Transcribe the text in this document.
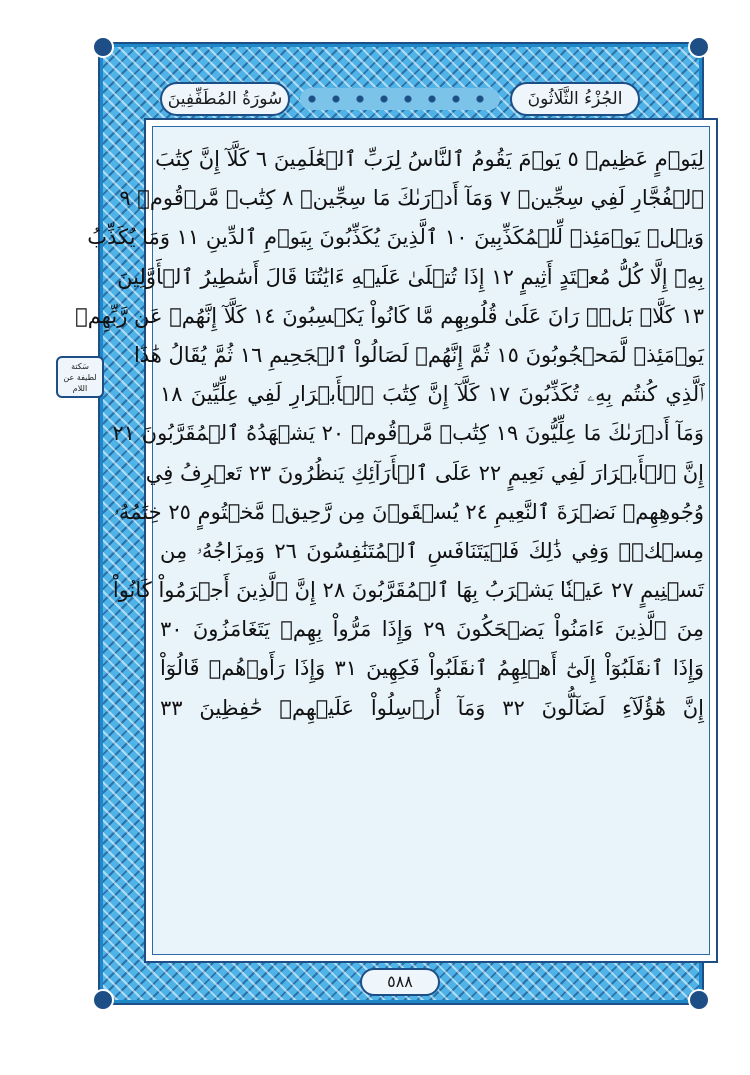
سُورَةُ المُطَفِّفِينَ	الجُزْءُ الثَّلَاثُونَ
لِيَوۡمٍ عَظِيمٖ ٥ يَوۡمَ يَقُومُ ٱلنَّاسُ لِرَبِّ ٱلۡعَٰلَمِينَ ٦ كَلَّآ إِنَّ كِتَٰبَ
ٱلۡفُجَّارِ لَفِي سِجِّينٖ ٧ وَمَآ أَدۡرَىٰكَ مَا سِجِّينٞ ٨ كِتَٰبٞ مَّرۡقُومٞ ٩
وَيۡلٞ يَوۡمَئِذٖ لِّلۡمُكَذِّبِينَ ١٠ ٱلَّذِينَ يُكَذِّبُونَ بِيَوۡمِ ٱلدِّينِ ١١ وَمَا يُكَذِّبُ
بِهِۦٓ إِلَّا كُلُّ مُعۡتَدٍ أَثِيمٍ ١٢ إِذَا تُتۡلَىٰ عَلَيۡهِ ءَايَٰتُنَا قَالَ أَسَٰطِيرُ ٱلۡأَوَّلِينَ
١٣ كَلَّاۖ بَلۡۜ رَانَ عَلَىٰ قُلُوبِهِم مَّا كَانُواْ يَكۡسِبُونَ ١٤ كَلَّآ إِنَّهُمۡ عَن رَّبِّهِمۡ
يَوۡمَئِذٖ لَّمَحۡجُوبُونَ ١٥ ثُمَّ إِنَّهُمۡ لَصَالُواْ ٱلۡجَحِيمِ ١٦ ثُمَّ يُقَالُ هَٰذَا
ٱلَّذِي كُنتُم بِهِۦ تُكَذِّبُونَ ١٧ كَلَّآ إِنَّ كِتَٰبَ ٱلۡأَبۡرَارِ لَفِي عِلِّيِّينَ ١٨
وَمَآ أَدۡرَىٰكَ مَا عِلِّيُّونَ ١٩ كِتَٰبٞ مَّرۡقُومٞ ٢٠ يَشۡهَدُهُ ٱلۡمُقَرَّبُونَ ٢١
إِنَّ ٱلۡأَبۡرَارَ لَفِي نَعِيمٍ ٢٢ عَلَى ٱلۡأَرَآئِكِ يَنظُرُونَ ٢٣ تَعۡرِفُ فِي
وُجُوهِهِمۡ نَضۡرَةَ ٱلنَّعِيمِ ٢٤ يُسۡقَوۡنَ مِن رَّحِيقٖ مَّخۡتُومٍ ٢٥ خِتَٰمُهُۥ
مِسۡكٞۚ وَفِي ذَٰلِكَ فَلۡيَتَنَافَسِ ٱلۡمُتَنَٰفِسُونَ ٢٦ وَمِزَاجُهُۥ مِن
تَسۡنِيمٍ ٢٧ عَيۡنٗا يَشۡرَبُ بِهَا ٱلۡمُقَرَّبُونَ ٢٨ إِنَّ ٱلَّذِينَ أَجۡرَمُواْ كَانُواْ
مِنَ ٱلَّذِينَ ءَامَنُواْ يَضۡحَكُونَ ٢٩ وَإِذَا مَرُّواْ بِهِمۡ يَتَغَامَزُونَ ٣٠
وَإِذَا ٱنقَلَبُوٓاْ إِلَىٰٓ أَهۡلِهِمُ ٱنقَلَبُواْ فَكِهِينَ ٣١ وَإِذَا رَأَوۡهُمۡ قَالُوٓاْ
إِنَّ هَٰٓؤُلَآءِ لَضَآلُّونَ ٣٢ وَمَآ أُرۡسِلُواْ عَلَيۡهِمۡ حَٰفِظِينَ ٣٣
سَكتة لطيفة عن اللام
٥٨٨
